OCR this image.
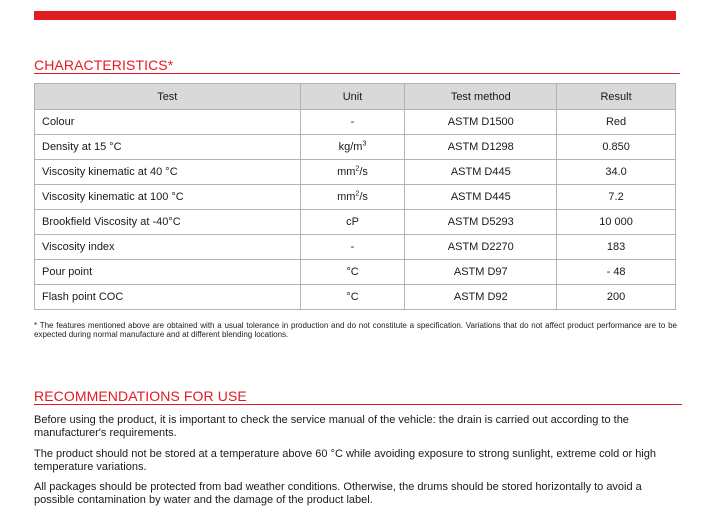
CHARACTERISTICS*
Test	Unit	Test method	Result
Colour	-	ASTM D1500	Red
Density at 15 °C	$kg/m^3$	ASTM D1298	0.850
Viscosity kinematic at 40 °C	$mm^2/s$	ASTM D445	34.0
Viscosity kinematic at 100 °C	$mm^2/s$	ASTM D445	7.2
Brookfield Viscosity at -40°C	cP	ASTM D5293	10 000
Viscosity index	-	ASTM D2270	183
Pour point	°C	ASTM D97	- 48
Flash point COC	°C	ASTM D92	200
* The features mentioned above are obtained with a usual tolerance in production and do not constitute a specification. Variations that do not affect product performance are to be expected during normal manufacture and at different blending locations.
RECOMMENDATIONS FOR USE
Before using the product, it is important to check the service manual of the vehicle: the drain is carried out according to the manufacturer's requirements.
The product should not be stored at a temperature above 60 °C while avoiding exposure to strong sunlight, extreme cold or high temperature variations.
All packages should be protected from bad weather conditions. Otherwise, the drums should be stored horizontally to avoid a possible contamination by water and the damage of the product label.
